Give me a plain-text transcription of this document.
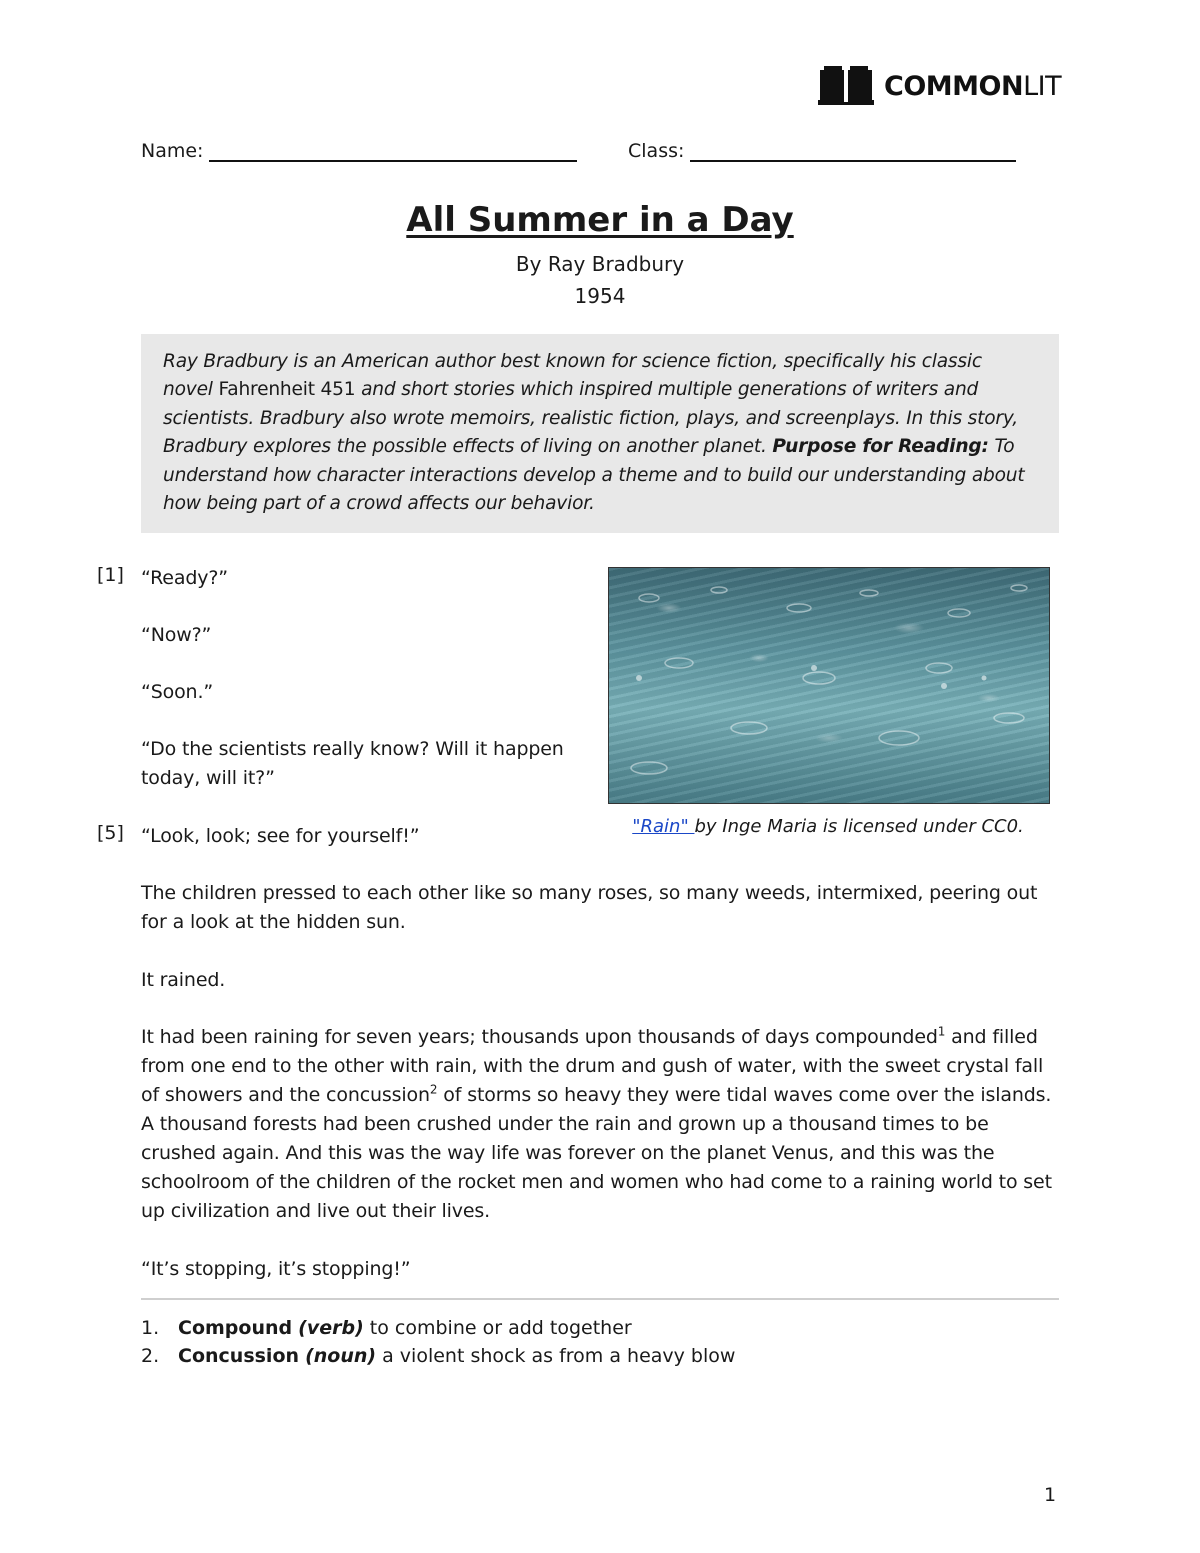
COMMONLIT
Name:	Class:
All Summer in a Day
By Ray Bradbury
1954

Ray Bradbury is an American author best known for science fiction, specifically his classic novel Fahrenheit 451 and short stories which inspired multiple generations of writers and scientists. Bradbury also wrote memoirs, realistic fiction, plays, and screenplays. In this story, Bradbury explores the possible effects of living on another planet. Purpose for Reading: To understand how character interactions develop a theme and to build our understanding about how being part of a crowd affects our behavior.

"Rain" by Inge Maria is licensed under CC0.
[1] “Ready?”
“Now?”
“Soon.”
“Do the scientists really know? Will it happen
today, will it?”
[5] “Look, look; see for yourself!”
The children pressed to each other like so many roses, so many weeds, intermixed, peering out for a look at the hidden sun.
It rained.
It had been raining for seven years; thousands upon thousands of days compounded$^1$ and filled from one end to the other with rain, with the drum and gush of water, with the sweet crystal fall of showers and the concussion$^2$ of storms so heavy they were tidal waves come over the islands. A thousand forests had been crushed under the rain and grown up a thousand times to be crushed again. And this was the way life was forever on the planet Venus, and this was the schoolroom of the children of the rocket men and women who had come to a raining world to set up civilization and live out their lives.
“It’s stopping, it’s stopping!”
1. Compound (verb) to combine or add together
2. Concussion (noun) a violent shock as from a heavy blow
1
